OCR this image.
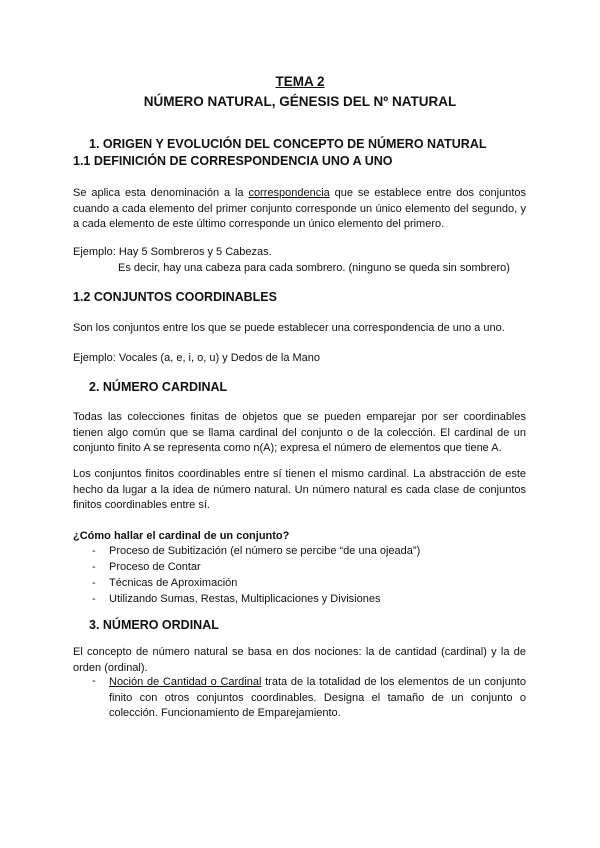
TEMA 2
NÚMERO NATURAL, GÉNESIS DEL Nº NATURAL
1. ORIGEN Y EVOLUCIÓN DEL CONCEPTO DE NÚMERO NATURAL
1.1 DEFINICIÓN DE CORRESPONDENCIA UNO A UNO
Se aplica esta denominación a la correspondencia que se establece entre dos conjuntos cuando a cada elemento del primer conjunto corresponde un único elemento del segundo, y a cada elemento de este último corresponde un único elemento del primero.
Ejemplo: Hay 5 Sombreros y 5 Cabezas.
Es decir, hay una cabeza para cada sombrero. (ninguno se queda sin sombrero)
1.2 CONJUNTOS COORDINABLES
Son los conjuntos entre los que se puede establecer una correspondencia de uno a uno.
Ejemplo: Vocales (a, e, i, o, u) y Dedos de la Mano
2. NÚMERO CARDINAL
Todas las colecciones finitas de objetos que se pueden emparejar por ser coordinables tienen algo común que se llama cardinal del conjunto o de la colección. El cardinal de un conjunto finito A se representa como n(A); expresa el número de elementos que tiene A.
Los conjuntos finitos coordinables entre sí tienen el mismo cardinal. La abstracción de este hecho da lugar a la idea de número natural. Un número natural es cada clase de conjuntos finitos coordinables entre sí.
¿Cómo hallar el cardinal de un conjunto?
- Proceso de Subitización (el número se percibe “de una ojeada”)
- Proceso de Contar
- Técnicas de Aproximación
- Utilizando Sumas, Restas, Multiplicaciones y Divisiones
3. NÚMERO ORDINAL
El concepto de número natural se basa en dos nociones: la de cantidad (cardinal) y la de orden (ordinal).
- Noción de Cantidad o Cardinal trata de la totalidad de los elementos de un conjunto finito con otros conjuntos coordinables. Designa el tamaño de un conjunto o colección. Funcionamiento de Emparejamiento.
